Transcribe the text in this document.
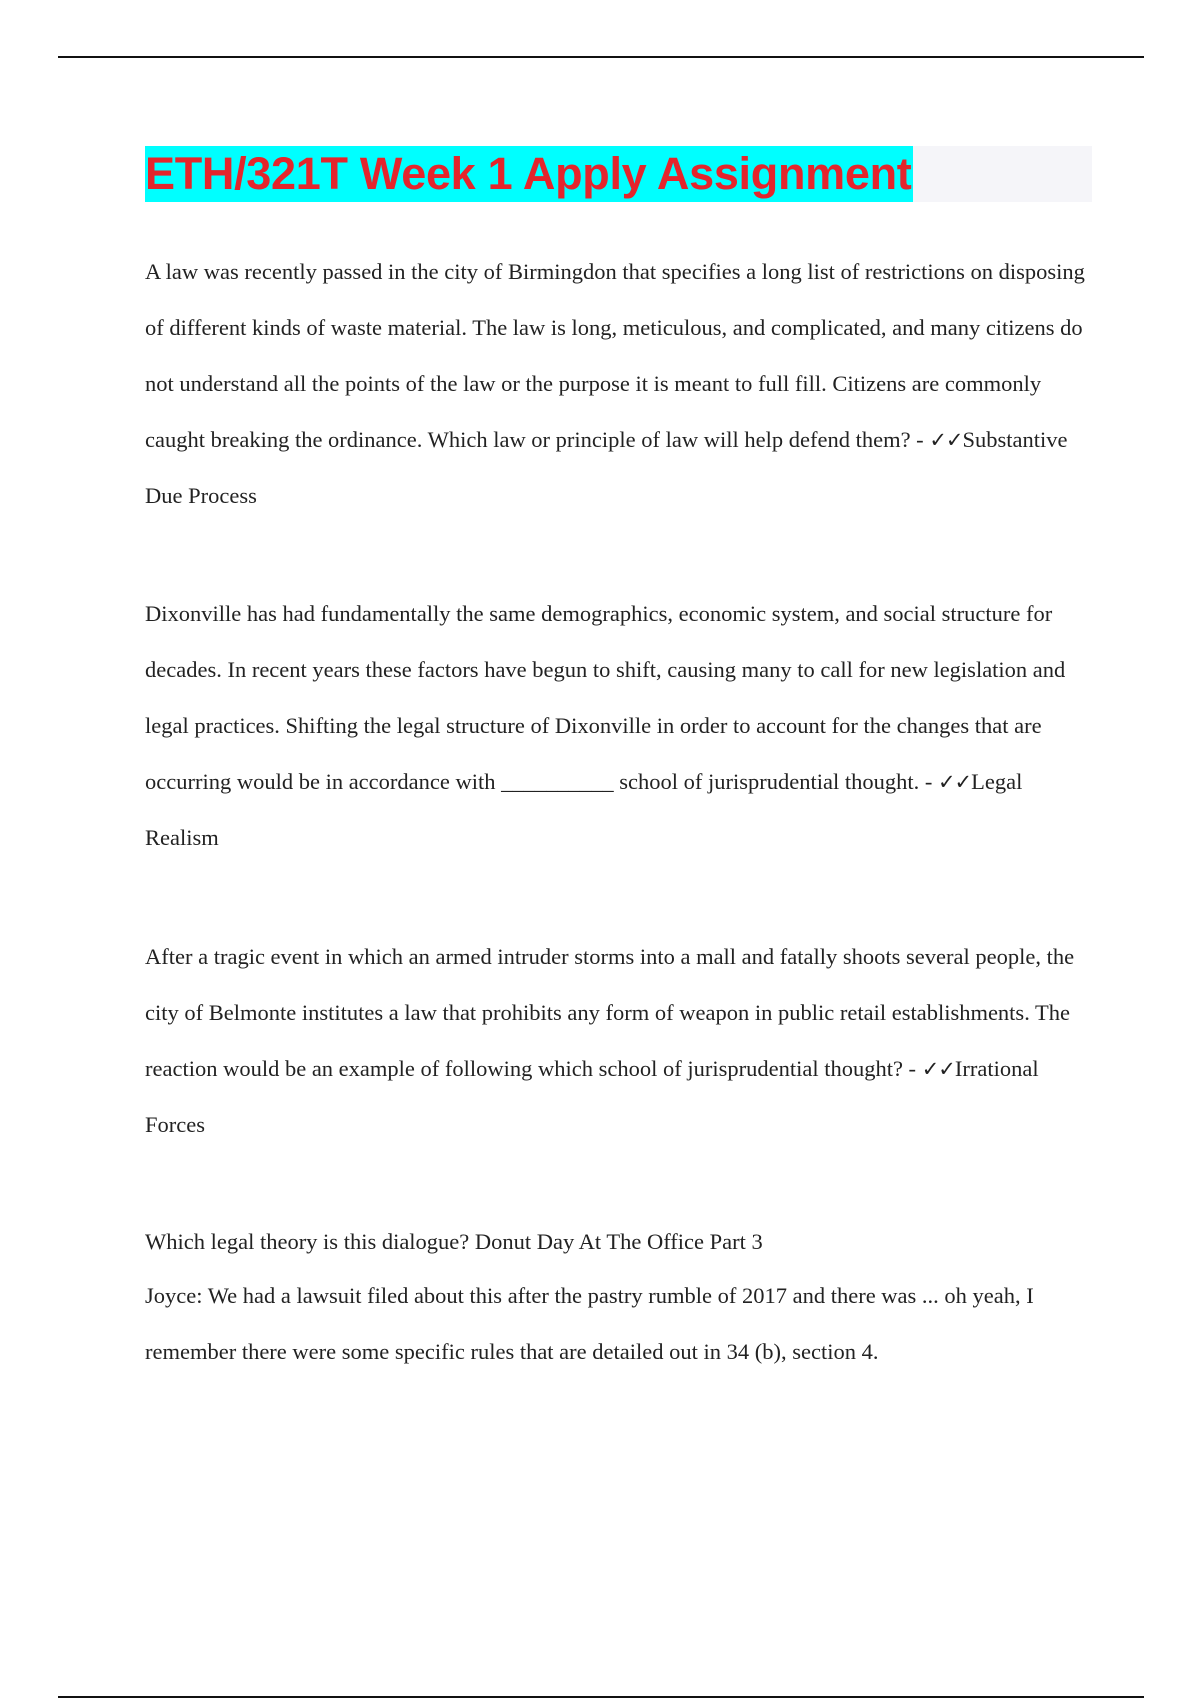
ETH/321T Week 1 Apply Assignment

A law was recently passed in the city of Birmingdon that specifies a long list of restrictions on disposing of different kinds of waste material. The law is long, meticulous, and complicated, and many citizens do not understand all the points of the law or the purpose it is meant to full fill. Citizens are commonly caught breaking the ordinance. Which law or principle of law will help defend them? - ✓✓Substantive Due Process

Dixonville has had fundamentally the same demographics, economic system, and social structure for decades. In recent years these factors have begun to shift, causing many to call for new legislation and legal practices. Shifting the legal structure of Dixonville in order to account for the changes that are occurring would be in accordance with __________ school of jurisprudential thought. - ✓✓Legal Realism

After a tragic event in which an armed intruder storms into a mall and fatally shoots several people, the city of Belmonte institutes a law that prohibits any form of weapon in public retail establishments. The reaction would be an example of following which school of jurisprudential thought? - ✓✓Irrational Forces

Which legal theory is this dialogue? Donut Day At The Office Part 3

Joyce: We had a lawsuit filed about this after the pastry rumble of 2017 and there was ... oh yeah, I remember there were some specific rules that are detailed out in 34 (b), section 4.
